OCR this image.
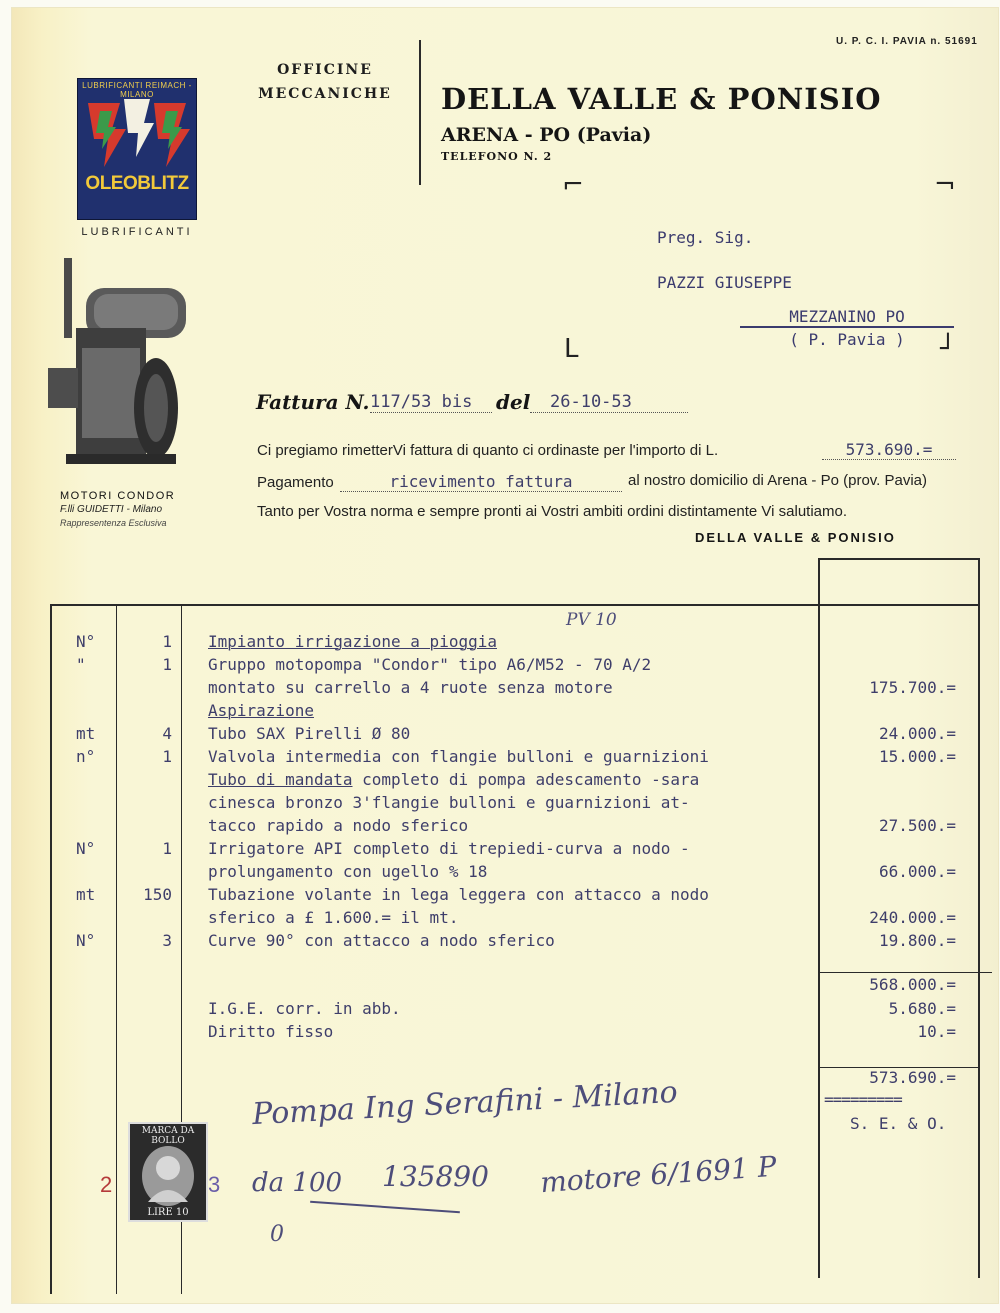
U. P. C. I. PAVIA n. 51691
OFFICINE
MECCANICHE DELLA VALLE & PONISIO
ARENA - PO (Pavia)
TELEFONO N. 2
LUBRIFICANTI REIMACH - MILANO
OLEOBLITZ
LUBRIFICANTI
MOTORI CONDOR
F.lli GUIDETTI - Milano
Rappresentenza Esclusiva
⌐	¬
Preg. Sig.
PAZZI GIUSEPPE
MEZZANINO PO
( P. Pavia )
L	┘
Fattura N. 117/53 bis	del	26-10-53
Ci pregiamo rimetterVi fattura di quanto ci ordinaste per l'importo di L.	573.690.=
Pagamento	ricevimento fattura	al nostro domicilio di Arena - Po (prov. Pavia)
Tanto per Vostra norma e sempre pronti ai Vostri ambiti ordini distintamente Vi salutiamo.
DELLA VALLE & PONISIO
PV 10
N°	1	Impianto irrigazione a pioggia
"	1	Gruppo motopompa "Condor" tipo A6/M52 - 70 A/2
montato su carrello a 4 ruote senza motore	175.700.=
Aspirazione
mt	4	Tubo SAX Pirelli Ø 80	24.000.=
n°	1	Valvola intermedia con flangie bulloni e guarnizioni	15.000.=
Tubo di mandata completo di pompa adescamento -sara
cinesca bronzo 3'flangie bulloni e guarnizioni at-
tacco rapido a nodo sferico	27.500.=
N°	1	Irrigatore API completo di trepiedi-curva a nodo -
prolungamento con ugello % 18	66.000.=
mt	150	Tubazione volante in lega leggera con attacco a nodo
sferico a £ 1.600.= il mt.	240.000.=
N°	3	Curve 90° con attacco a nodo sferico	19.800.=
568.000.=
I.G.E. corr. in abb.	5.680.=
Diritto fisso	10.=
573.690.=
=========
S. E. & O.
Pompa Ing Serafini - Milano
da 100 135890 motore 6/1691 P
0
2
MARCA DA BOLLO
LIRE 10
3
